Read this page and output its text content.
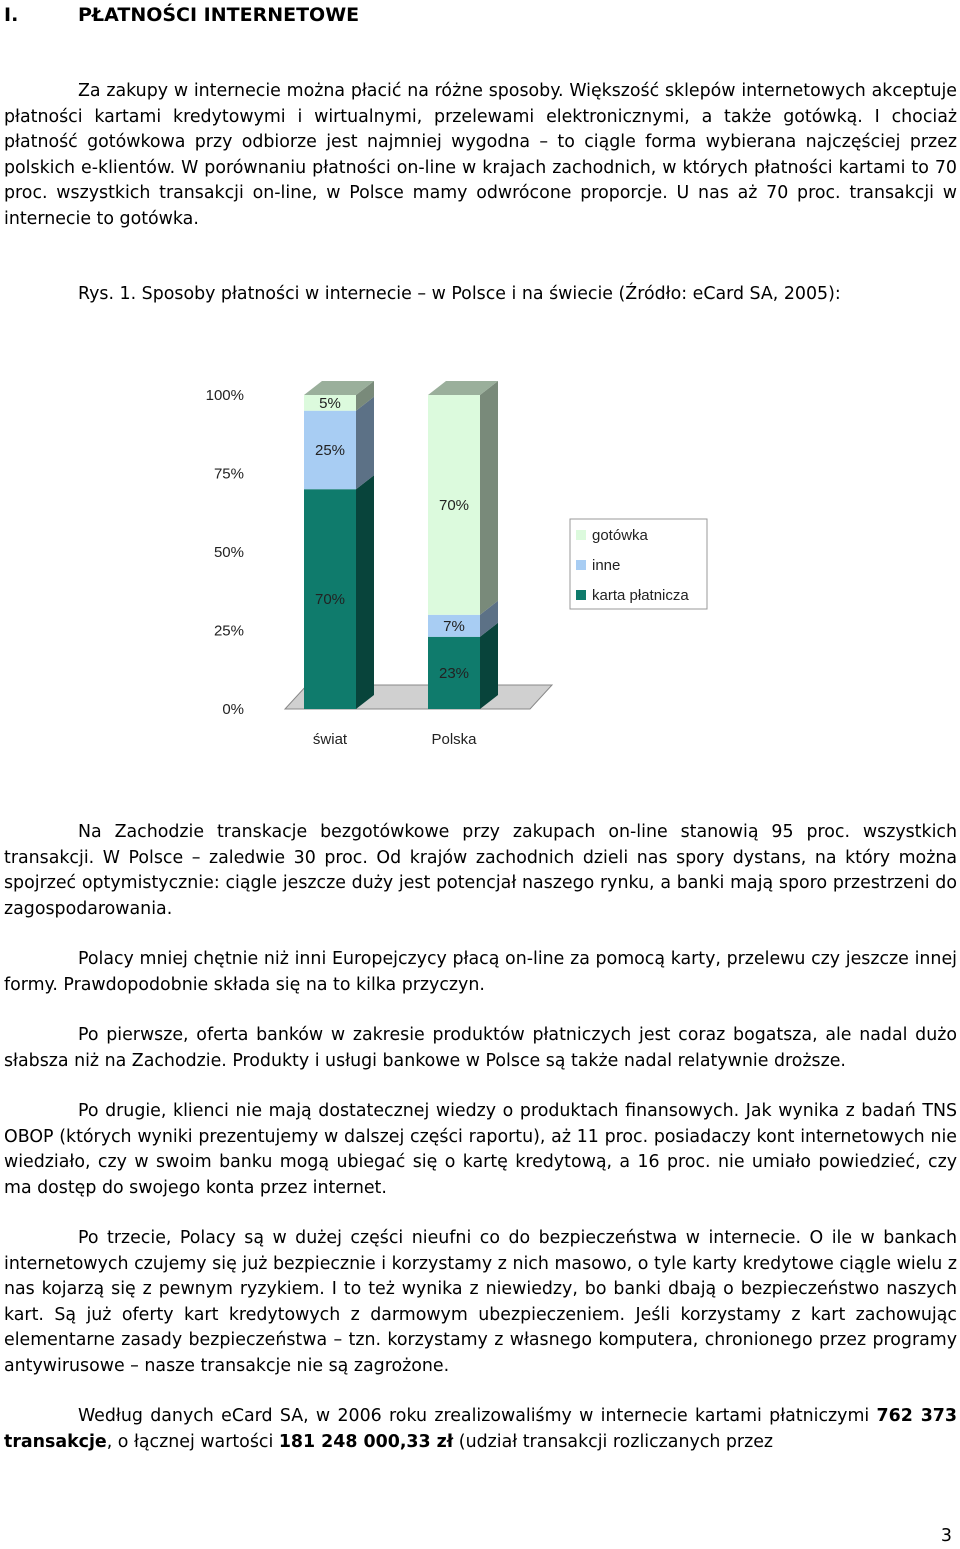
I.	PŁATNOŚCI INTERNETOWE

Za zakupy w internecie można płacić na różne sposoby. Większość sklepów internetowych akceptuje płatności kartami kredytowymi i wirtualnymi, przelewami elektronicznymi, a także gotówką. I chociaż płatność gotówkowa przy odbiorze jest najmniej wygodna – to ciągle forma wybierana najczęściej przez polskich e-klientów. W porównaniu płatności on-line w krajach zachodnich, w których płatności kartami to 70 proc. wszystkich transakcji on-line, w Polsce mamy odwrócone proporcje. U nas aż 70 proc. transakcji w internecie to gotówka.

Rys. 1. Sposoby płatności w internecie – w Polsce i na świecie (Źródło: eCard SA, 2005):
0%
25%
50%
75%
100%
70%
25%
5%
świat
23%
7%
70%
Polska
gotówka
inne
karta płatnicza

Na Zachodzie transkacje bezgotówkowe przy zakupach on-line stanowią 95 proc. wszystkich transakcji. W Polsce – zaledwie 30 proc. Od krajów zachodnich dzieli nas spory dystans, na który można spojrzeć optymistycznie: ciągle jeszcze duży jest potencjał naszego rynku, a banki mają sporo przestrzeni do zagospodarowania.

Polacy mniej chętnie niż inni Europejczycy płacą on-line za pomocą karty, przelewu czy jeszcze innej formy. Prawdopodobnie składa się na to kilka przyczyn.

Po pierwsze, oferta banków w zakresie produktów płatniczych jest coraz bogatsza, ale nadal dużo słabsza niż na Zachodzie. Produkty i usługi bankowe w Polsce są także nadal relatywnie droższe.

Po drugie, klienci nie mają dostatecznej wiedzy o produktach finansowych. Jak wynika z badań TNS OBOP (których wyniki prezentujemy w dalszej części raportu), aż 11 proc. posiadaczy kont internetowych nie wiedziało, czy w swoim banku mogą ubiegać się o kartę kredytową, a 16 proc. nie umiało powiedzieć, czy ma dostęp do swojego konta przez internet.

Po trzecie, Polacy są w dużej części nieufni co do bezpieczeństwa w internecie. O ile w bankach internetowych czujemy się już bezpiecznie i korzystamy z nich masowo, o tyle karty kredytowe ciągle wielu z nas kojarzą się z pewnym ryzykiem. I to też wynika z niewiedzy, bo banki dbają o bezpieczeństwo naszych kart. Są już oferty kart kredytowych z darmowym ubezpieczeniem. Jeśli korzystamy z kart zachowując elementarne zasady bezpieczeństwa – tzn. korzystamy z własnego komputera, chronionego przez programy antywirusowe – nasze transakcje nie są zagrożone.

Według danych eCard SA, w 2006 roku zrealizowaliśmy w internecie kartami płatniczymi 762 373 transakcje, o łącznej wartości 181 248 000,33 zł (udział transakcji rozliczanych przez

3
